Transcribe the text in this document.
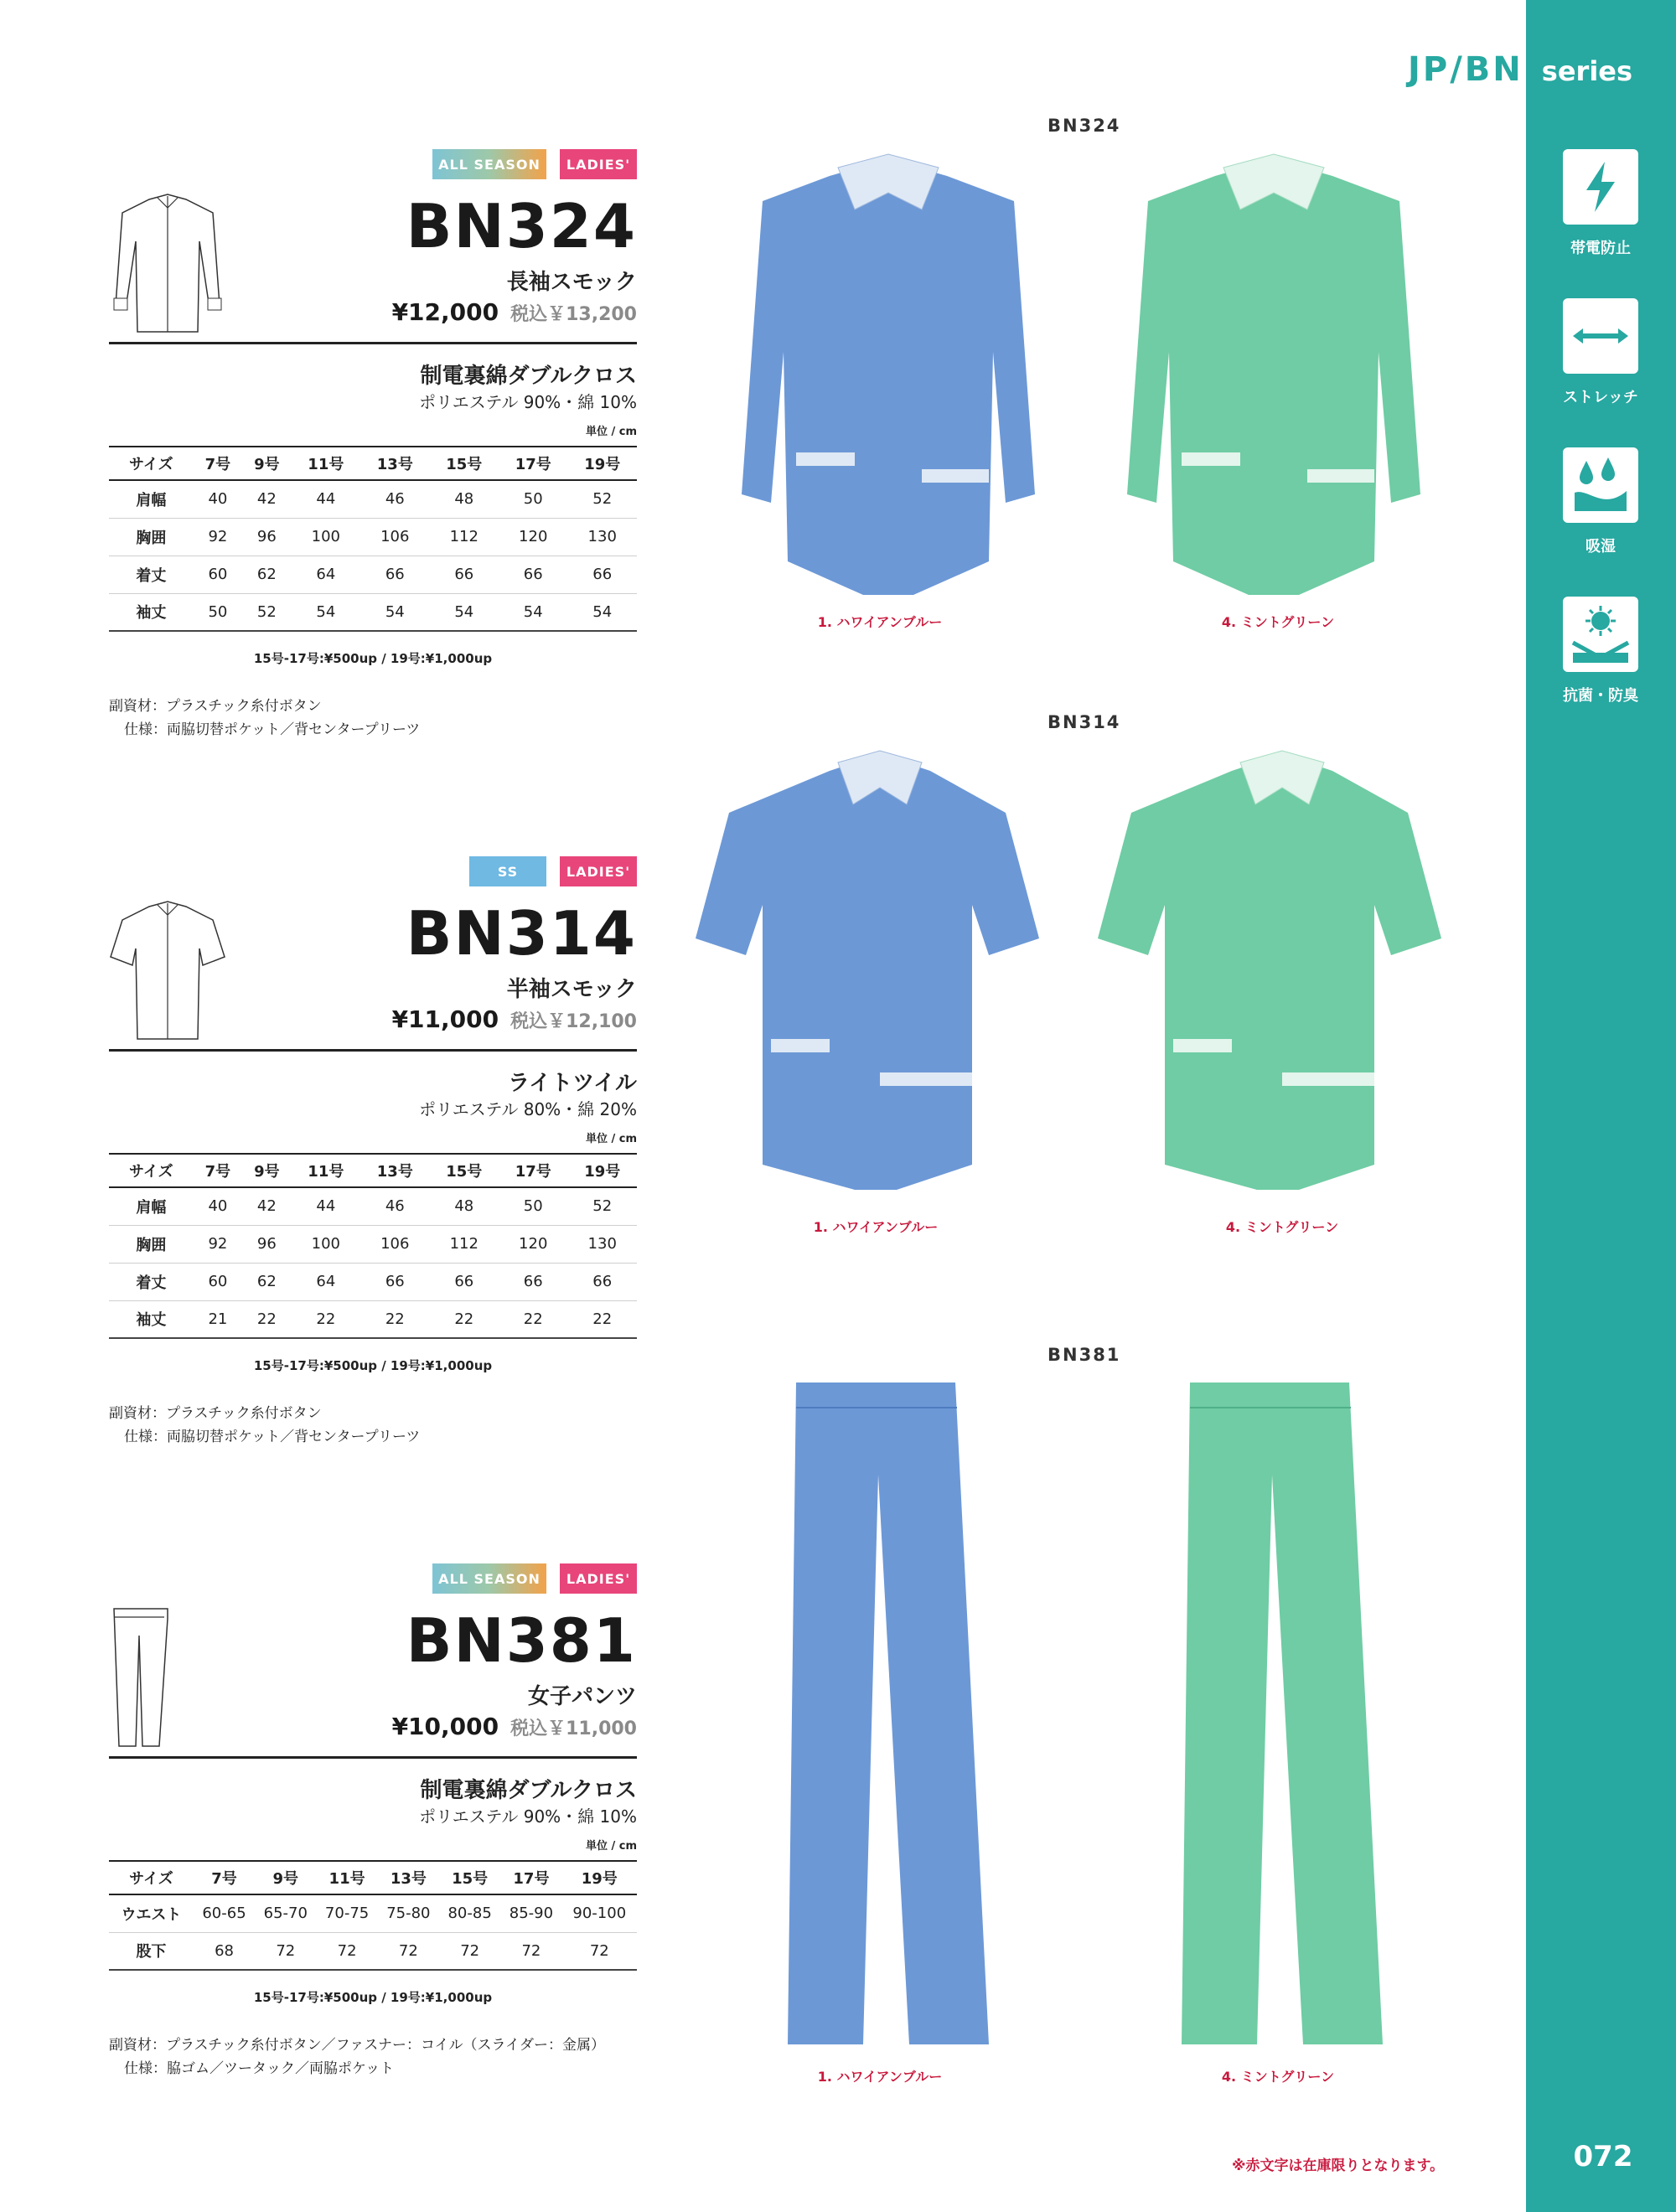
JP/BN series
帯電防止
ストレッチ
吸湿
抗菌・防臭
072
※赤文字は在庫限りとなります。
ALL SEASON	LADIES'
BN324
長袖スモック
¥12,000 税込￥13,200
制電裏綿ダブルクロス
ポリエステル 90%・綿 10%
単位 / cm
サイズ	7号	9号	11号	13号	15号	17号	19号
肩幅	40	42	44	46	48	50	52
胸囲	92	96	100	106	112	120	130
着丈	60	62	64	66	66	66	66
袖丈	50	52	54	54	54	54	54
15号-17号:¥500up / 19号:¥1,000up
副資材：プラスチック糸付ボタン
仕様：両脇切替ポケット／背センタープリーツ
SS	LADIES'
BN314
半袖スモック
¥11,000 税込￥12,100
ライトツイル
ポリエステル 80%・綿 20%
単位 / cm
サイズ	7号	9号	11号	13号	15号	17号	19号
肩幅	40	42	44	46	48	50	52
胸囲	92	96	100	106	112	120	130
着丈	60	62	64	66	66	66	66
袖丈	21	22	22	22	22	22	22
15号-17号:¥500up / 19号:¥1,000up
副資材：プラスチック糸付ボタン
仕様：両脇切替ポケット／背センタープリーツ
ALL SEASON	LADIES'
BN381
女子パンツ
¥10,000 税込￥11,000
制電裏綿ダブルクロス
ポリエステル 90%・綿 10%
単位 / cm
サイズ	7号	9号	11号	13号	15号	17号	19号
ウエスト	60-65	65-70	70-75	75-80	80-85	85-90	90-100
股下	68	72	72	72	72	72	72
15号-17号:¥500up / 19号:¥1,000up
副資材：プラスチック糸付ボタン／ファスナー：コイル（スライダー：金属）
仕様：脇ゴム／ツータック／両脇ポケット
BN324
1. ハワイアンブルー	4. ミントグリーン
BN314
1. ハワイアンブルー	4. ミントグリーン
BN381
1. ハワイアンブルー	4. ミントグリーン
